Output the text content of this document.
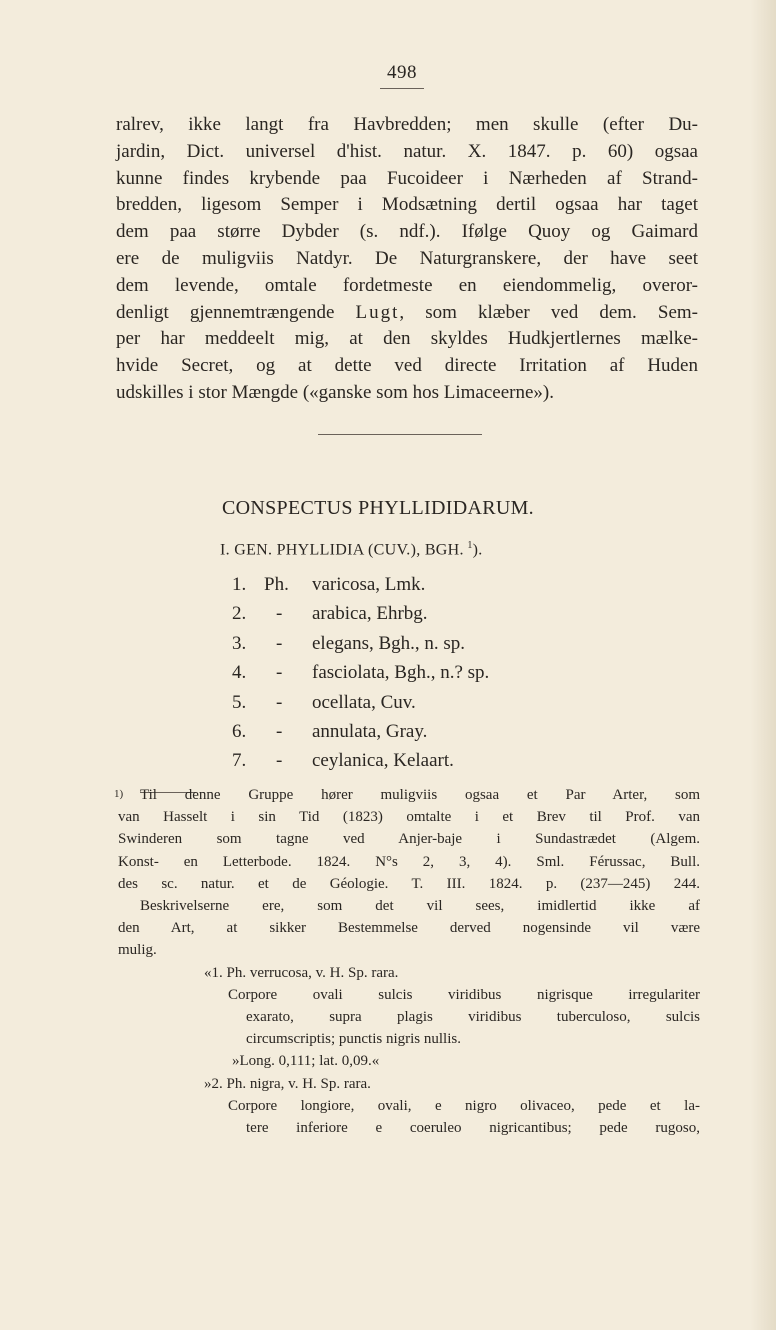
498
ralrev, ikke langt fra Havbredden; men skulle (efter Du-
jardin, Dict. universel d'hist. natur. X. 1847. p. 60) ogsaa
kunne findes krybende paa Fucoideer i Nærheden af Strand-
bredden, ligesom Semper i Modsætning dertil ogsaa har taget
dem paa større Dybder (s. ndf.). Ifølge Quoy og Gaimard
ere de muligviis Natdyr. De Naturgranskere, der have seet
dem levende, omtale fordetmeste en eiendommelig, overor-
denligt gjennemtrængende Lugt, som klæber ved dem. Sem-
per har meddeelt mig, at den skyldes Hudkjertlernes mælke-
hvide Secret, og at dette ved directe Irritation af Huden
udskilles i stor Mængde («ganske som hos Limaceerne»).
CONSPECTUS PHYLLIDIDARUM.
I. GEN. PHYLLIDIA (CUV.), BGH.  $^1$).
1. Ph. varicosa, Lmk.
2. - arabica, Ehrbg.
3. - elegans, Bgh., n. sp.
4. - fasciolata, Bgh., n.? sp.
5. - ocellata, Cuv.
6. - annulata, Gray.
7. - ceylanica, Kelaart.
1)	Til denne Gruppe hører muligviis ogsaa et Par Arter, som
van Hasselt i sin Tid (1823) omtalte i et Brev til Prof. van
Swinderen som tagne ved Anjer-baje i Sundastrædet (Algem.
Konst- en Letterbode. 1824. N°s 2, 3, 4). Sml. Férussac, Bull.
des sc. natur. et de Géologie. T. III. 1824. p. (237—245) 244.
Beskrivelserne ere, som det vil sees, imidlertid ikke af
den Art, at sikker Bestemmelse derved nogensinde vil være
mulig.
«1. Ph. verrucosa, v. H. Sp. rara.
Corpore ovali sulcis viridibus nigrisque irregulariter
exarato, supra plagis viridibus tuberculoso, sulcis
circumscriptis; punctis nigris nullis.
»Long. 0,111; lat. 0,09.«
»2. Ph. nigra, v. H. Sp. rara.
Corpore longiore, ovali, e nigro olivaceo, pede et la-
tere inferiore e coeruleo nigricantibus; pede rugoso,
